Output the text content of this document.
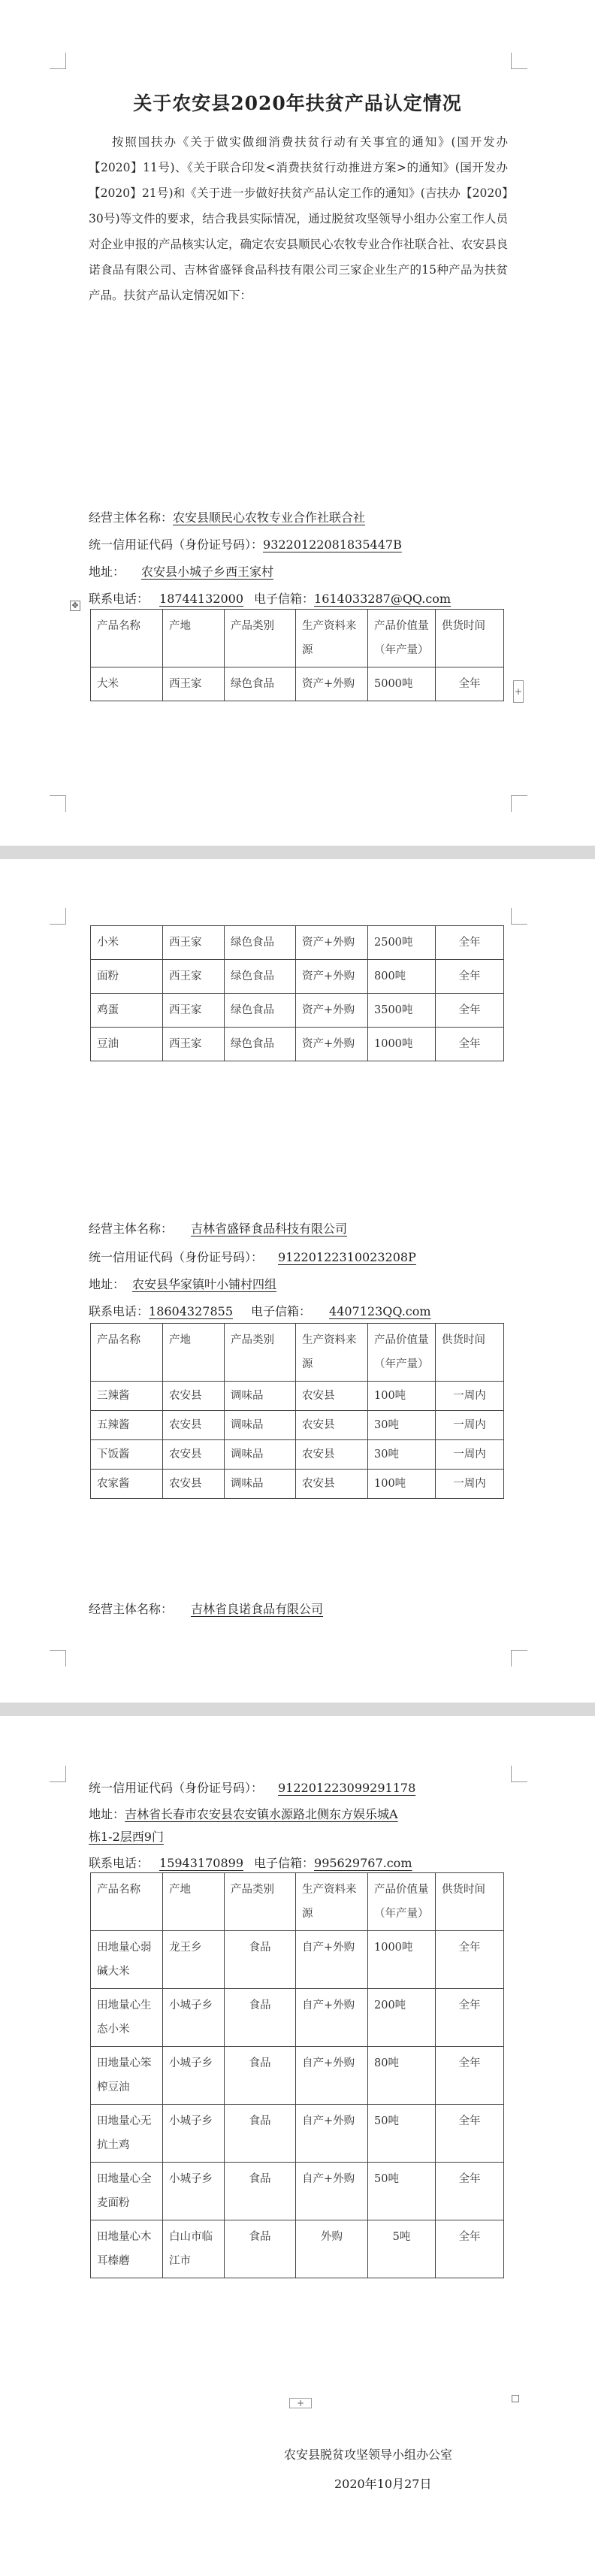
关于农安县2020年扶贫产品认定情况

按照国扶办《关于做实做细消费扶贫行动有关事宜的通知》(国开发办【2020】11号)、《关于联合印发<消费扶贫行动推进方案>的通知》(国开发办【2020】21号)和《关于进一步做好扶贫产品认定工作的通知》(吉扶办【2020】30号)等文件的要求，结合我县实际情况，通过脱贫攻坚领导小组办公室工作人员对企业申报的产品核实认定，确定农安县顺民心农牧专业合作社联合社、农安县良诺食品有限公司、吉林省盛铎食品科技有限公司三家企业生产的15种产品为扶贫产品。扶贫产品认定情况如下：

经营主体名称：农安县顺民心农牧专业合作社联合社
统一信用证代码（身份证号码）：93220122081835447B
地址： 农安县小城子乡西王家村
联系电话： 18744132000 电子信箱：1614033287@QQ.com
✥
产品名称	产地	产品类别	生产资料来源	产品价值量（年产量）	供货时间
大米	西王家	绿色食品	资产+外购	5000吨	全年
+
小米	西王家	绿色食品	资产+外购	2500吨	全年
面粉	西王家	绿色食品	资产+外购	800吨	全年
鸡蛋	西王家	绿色食品	资产+外购	3500吨	全年
豆油	西王家	绿色食品	资产+外购	1000吨	全年
经营主体名称： 吉林省盛铎食品科技有限公司
统一信用证代码（身份证号码）： 91220122310023208P
地址： 农安县华家镇叶小铺村四组
联系电话：18604327855 电子信箱： 4407123QQ.com
产品名称	产地	产品类别	生产资料来源	产品价值量（年产量）	供货时间
三辣酱	农安县	调味品	农安县	100吨	一周内
五辣酱	农安县	调味品	农安县	30吨	一周内
下饭酱	农安县	调味品	农安县	30吨	一周内
农家酱	农安县	调味品	农安县	100吨	一周内
经营主体名称： 吉林省良诺食品有限公司
统一信用证代码（身份证号码）： 912201223099291178
地址：吉林省长春市农安县农安镇水源路北侧东方娱乐城A
栋1-2层西9门
联系电话： 15943170899 电子信箱：995629767.com
产品名称	产地	产品类别	生产资料来源	产品价值量（年产量）	供货时间
田地量心弱碱大米	龙王乡	食品	自产+外购	1000吨	全年
田地量心生态小米	小城子乡	食品	自产+外购	200吨	全年
田地量心笨榨豆油	小城子乡	食品	自产+外购	80吨	全年
田地量心无抗土鸡	小城子乡	食品	自产+外购	50吨	全年
田地量心全麦面粉	小城子乡	食品	自产+外购	50吨	全年
田地量心木耳榛蘑	白山市临江市	食品	外购	5吨	全年
+
农安县脱贫攻坚领导小组办公室
2020年10月27日
